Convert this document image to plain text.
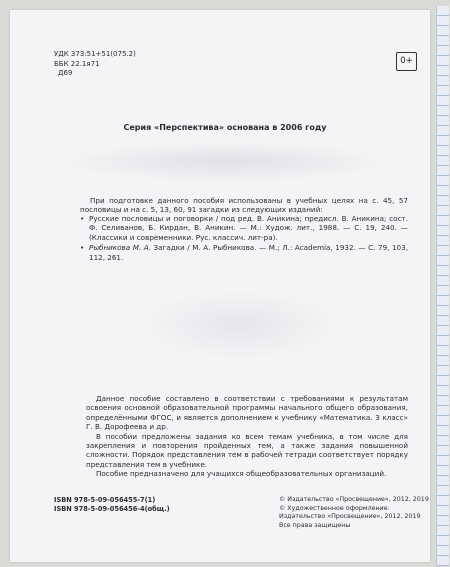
УДК 373:51+51(075.2)
ББК 22.1я71
Д69
0+
Серия «Перспектива» основана в 2006 году
При подготовке данного пособия использованы в учебных целях на с. 45, 57 пословицы и на с. 5, 13, 60, 91 загадки из следующих изданий:
• Русские пословицы и поговорки / под ред. В. Аникина; предисл. В. Аникина; сост. Ф. Селиванов, Б. Кирдан, В. Аникин. — М.: Худож. лит., 1988. — С. 19, 240. — (Классики и современники. Рус. классич. лит-ра).
• Рыбникова М. А. Загадки / М. А. Рыбникова. — М.; Л.: Academia, 1932. — С. 79, 103, 112, 261.

Данное пособие составлено в соответствии с требованиями к результатам освоения основной образовательной программы начального общего образования, определёнными ФГОС, и является дополнением к учебнику «Математика. 3 класс» Г. В. Дорофеева и др.

В пособии предложены задания ко всем темам учебника, в том числе для закрепления и повторения пройденных тем, а также задания повышенной сложности. Порядок представления тем в рабочей тетради соответствует порядку представления тем в учебнике.

Пособие предназначено для учащихся общеобразовательных организаций.

ISBN 978-5-09-056455-7(1)
ISBN 978-5-09-056456-4(общ.)
© Издательство «Просвещение», 2012, 2019
© Художественное оформление.
Издательство «Просвещение», 2012, 2019
Все права защищены
